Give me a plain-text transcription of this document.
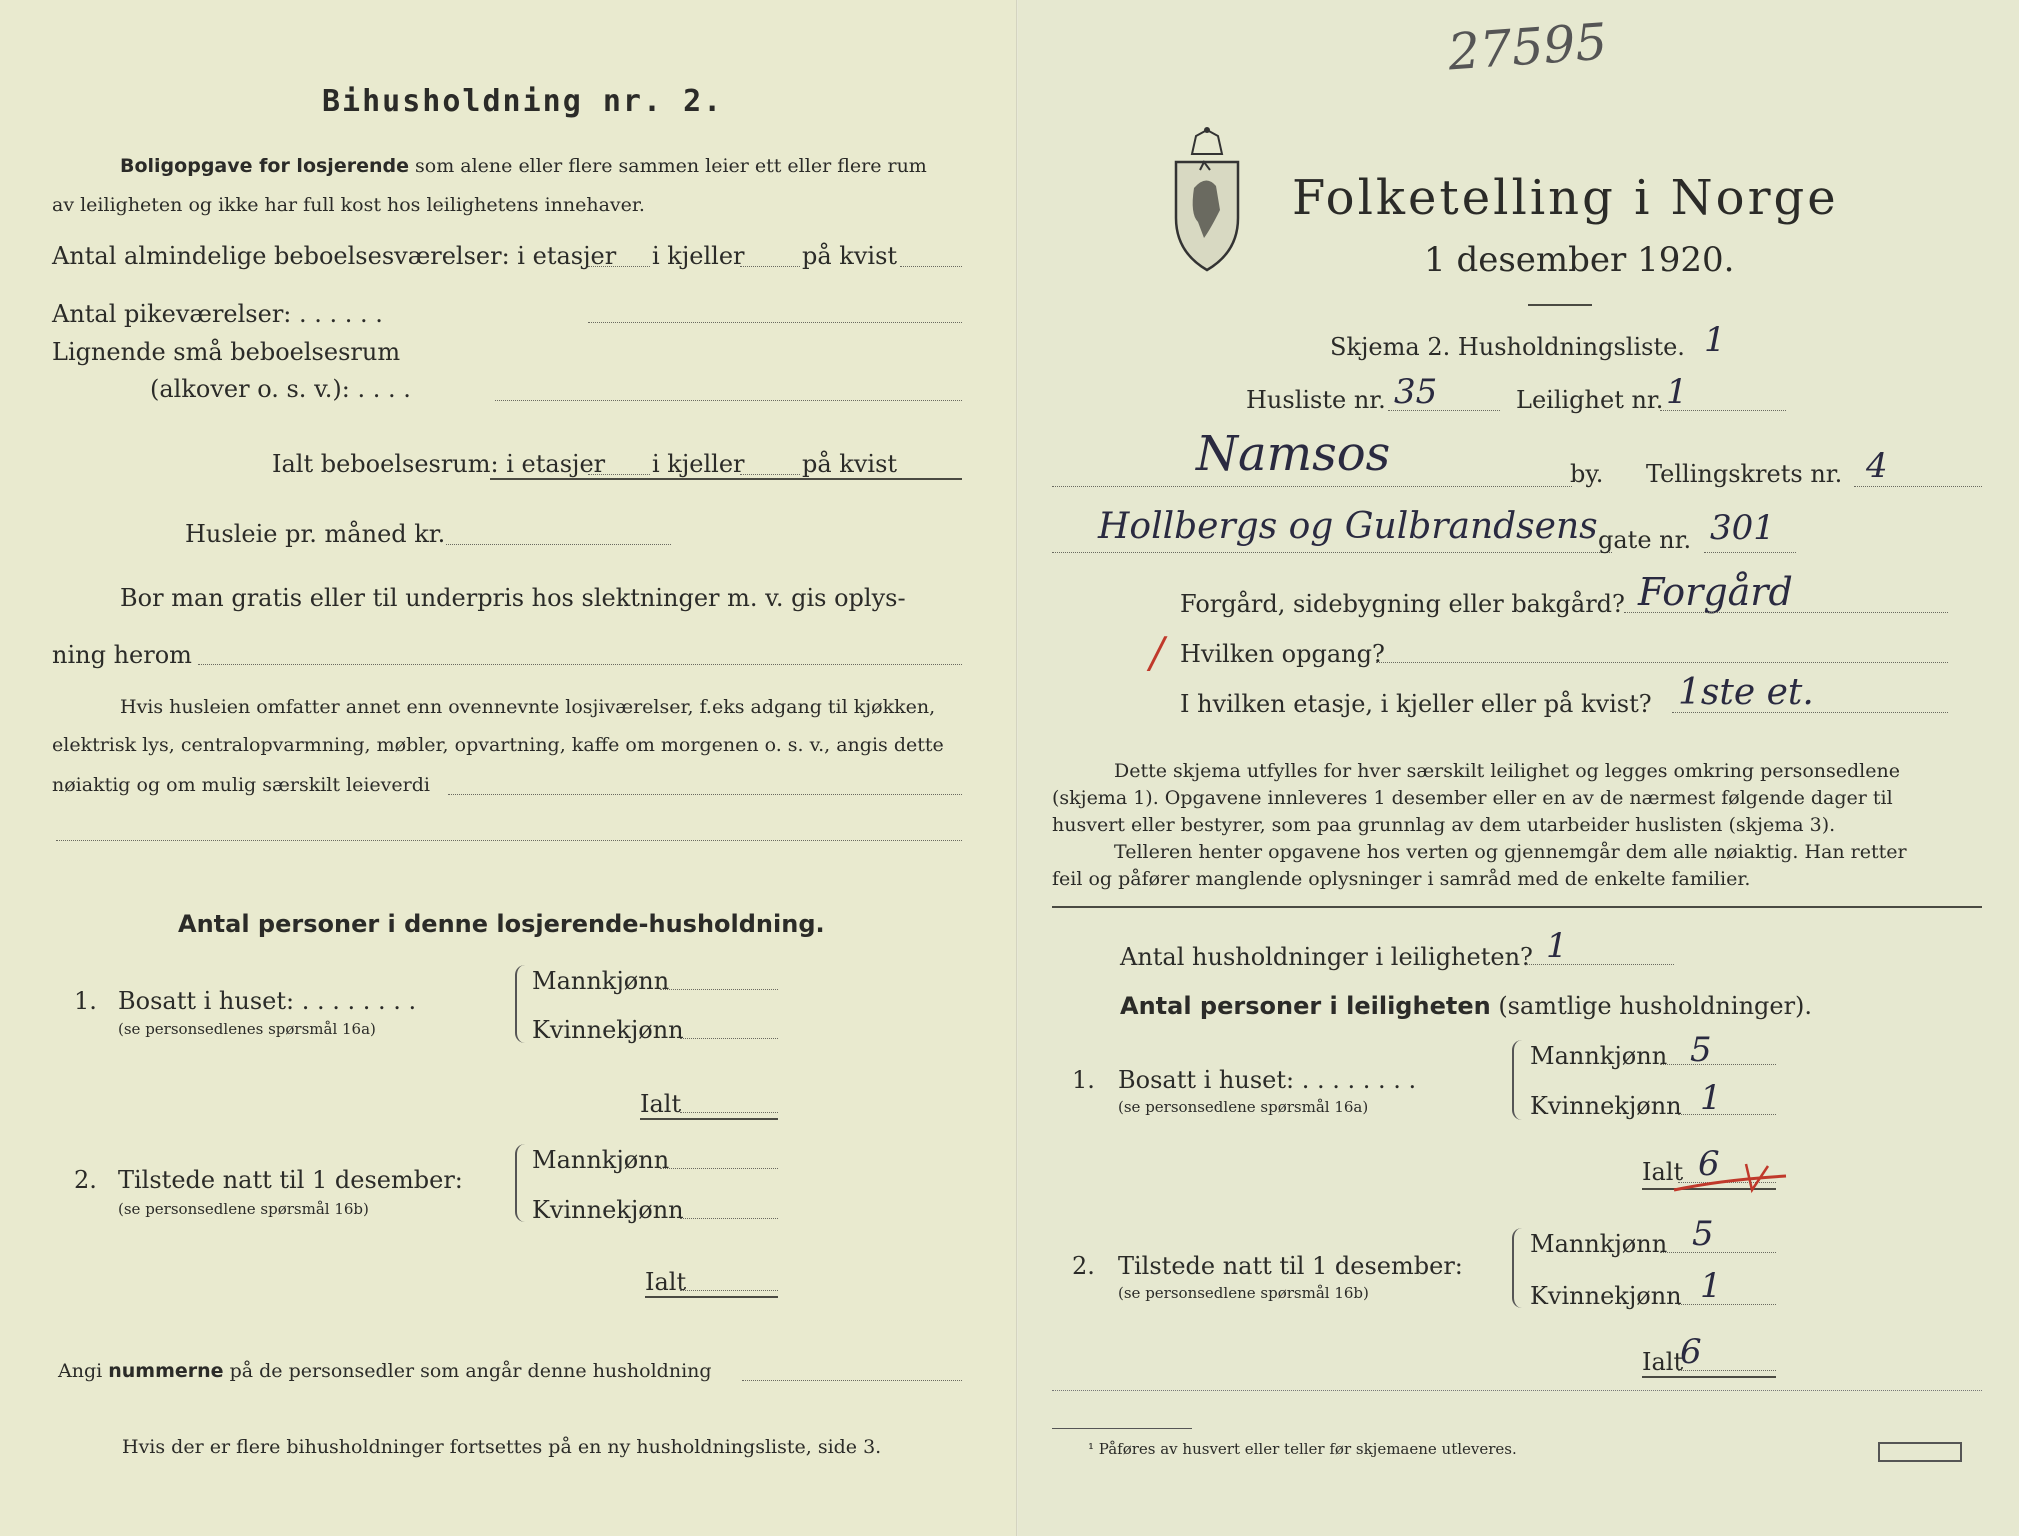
Bihusholdning nr. 2.
Boligopgave for losjerende som alene eller flere sammen leier ett eller flere rum
av leiligheten og ikke har full kost hos leilighetens innehaver.
Antal almindelige beboelsesværelser: i etasjer i kjeller på kvist
Antal pikeværelser: . . . . . .
Lignende små beboelsesrum
(alkover o. s. v.): . . . .
Ialt beboelsesrum: i etasjer i kjeller på kvist
Husleie pr. måned kr.
Bor man gratis eller til underpris hos slektninger m. v. gis oplys-
ning herom
Hvis husleien omfatter annet enn ovennevnte losjiværelser, f.eks adgang til kjøkken,
elektrisk lys, centralopvarmning, møbler, opvartning, kaffe om morgenen o. s. v., angis dette
nøiaktig og om mulig særskilt leieverdi
Antal personer i denne losjerende-husholdning.
1. Bosatt i huset: . . . . . . . .
(se personsedlenes spørsmål 16a)
Mannkjønn
Kvinnekjønn
Ialt
2. Tilstede natt til 1 desember:
(se personsedlene spørsmål 16b)
Mannkjønn
Kvinnekjønn
Ialt
Angi nummerne på de personsedler som angår denne husholdning
Hvis der er flere bihusholdninger fortsettes på en ny husholdningsliste, side 3.
27595
Folketelling i Norge
1 desember 1920.
Skjema 2. Husholdningsliste. 1
Husliste nr. 35	Leilighet nr. 1
Namsos	by. Tellingskrets nr. 4
Hollbergs og Gulbrandsens gate nr. 301
Forgård, sidebygning eller bakgård? Forgård
/ Hvilken opgang?
I hvilken etasje, i kjeller eller på kvist? 1ste et.
Dette skjema utfylles for hver særskilt leilighet og legges omkring personsedlene
(skjema 1). Opgavene innleveres 1 desember eller en av de nærmest følgende dager til
husvert eller bestyrer, som paa grunnlag av dem utarbeider huslisten (skjema 3).
Telleren henter opgavene hos verten og gjennemgår dem alle nøiaktig. Han retter
feil og påfører manglende oplysninger i samråd med de enkelte familier.
Antal husholdninger i leiligheten? 1
Antal personer i leiligheten (samtlige husholdninger).
1. Bosatt i huset: . . . . . . . .
(se personsedlene spørsmål 16a)
Mannkjønn 5
Kvinnekjønn 1
Ialt 6
2. Tilstede natt til 1 desember:
(se personsedlene spørsmål 16b)
Mannkjønn 5
Kvinnekjønn 1
Ialt
6
¹ Påføres av husvert eller teller før skjemaene utleveres.
